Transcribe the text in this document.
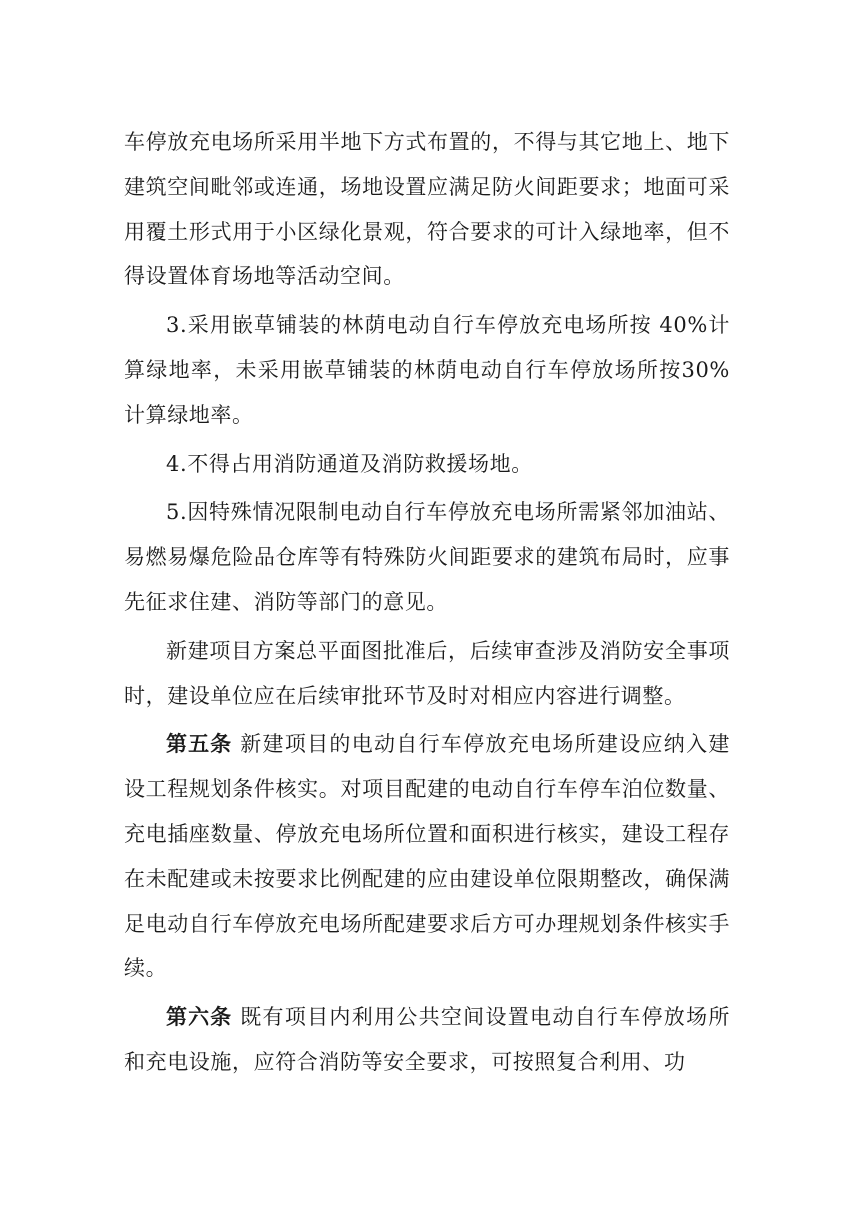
车停放充电场所采用半地下方式布置的，不得与其它地上、地下建筑空间毗邻或连通，场地设置应满足防火间距要求；地面可采用覆土形式用于小区绿化景观，符合要求的可计入绿地率，但不得设置体育场地等活动空间。

3.采用嵌草铺装的林荫电动自行车停放充电场所按 40%计算绿地率，未采用嵌草铺装的林荫电动自行车停放场所按30%计算绿地率。

4.不得占用消防通道及消防救援场地。

5.因特殊情况限制电动自行车停放充电场所需紧邻加油站、易燃易爆危险品仓库等有特殊防火间距要求的建筑布局时，应事先征求住建、消防等部门的意见。

新建项目方案总平面图批准后，后续审查涉及消防安全事项时，建设单位应在后续审批环节及时对相应内容进行调整。

第五条 新建项目的电动自行车停放充电场所建设应纳入建设工程规划条件核实。对项目配建的电动自行车停车泊位数量、充电插座数量、停放充电场所位置和面积进行核实，建设工程存在未配建或未按要求比例配建的应由建设单位限期整改，确保满足电动自行车停放充电场所配建要求后方可办理规划条件核实手续。

第六条 既有项目内利用公共空间设置电动自行车停放场所和充电设施，应符合消防等安全要求，可按照复合利用、功
